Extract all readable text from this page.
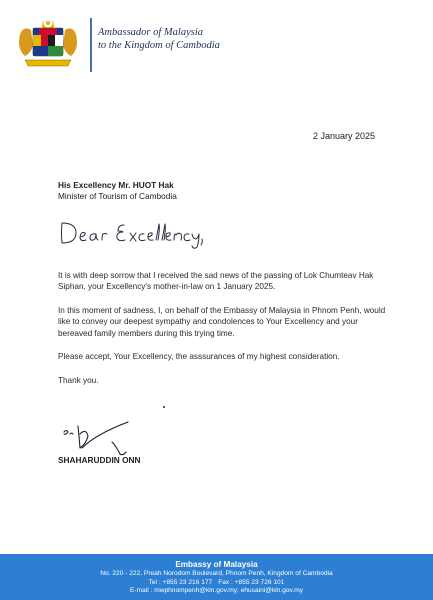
Ambassador of Malaysia
to the Kingdom of Cambodia
2 January 2025
His Excellency Mr. HUOT Hak
Minister of Tourism of Cambodia
It is with deep sorrow that I received the sad news of the passing of Lok Chumteav Hak Siphan, your Excellency's mother-in-law on 1 January 2025.
In this moment of sadness, I, on behalf of the Embassy of Malaysia in Phnom Penh, would like to convey our deepest sympathy and condolences to Your Excellency and your bereaved family members during this trying time.
Please accept, Your Excellency, the asssurances of my highest consideration.
Thank you.
SHAHARUDDIN ONN
Embassy of Malaysia
No. 220 - 222, Preah Norodom Boulevard, Phnom Penh, Kingdom of Cambodia
Tel : +855 23 216 177 Fax : +855 23 726 101
E-mail : mwphnompenh@kln.gov.my; ehusaini@kln.gov.my
